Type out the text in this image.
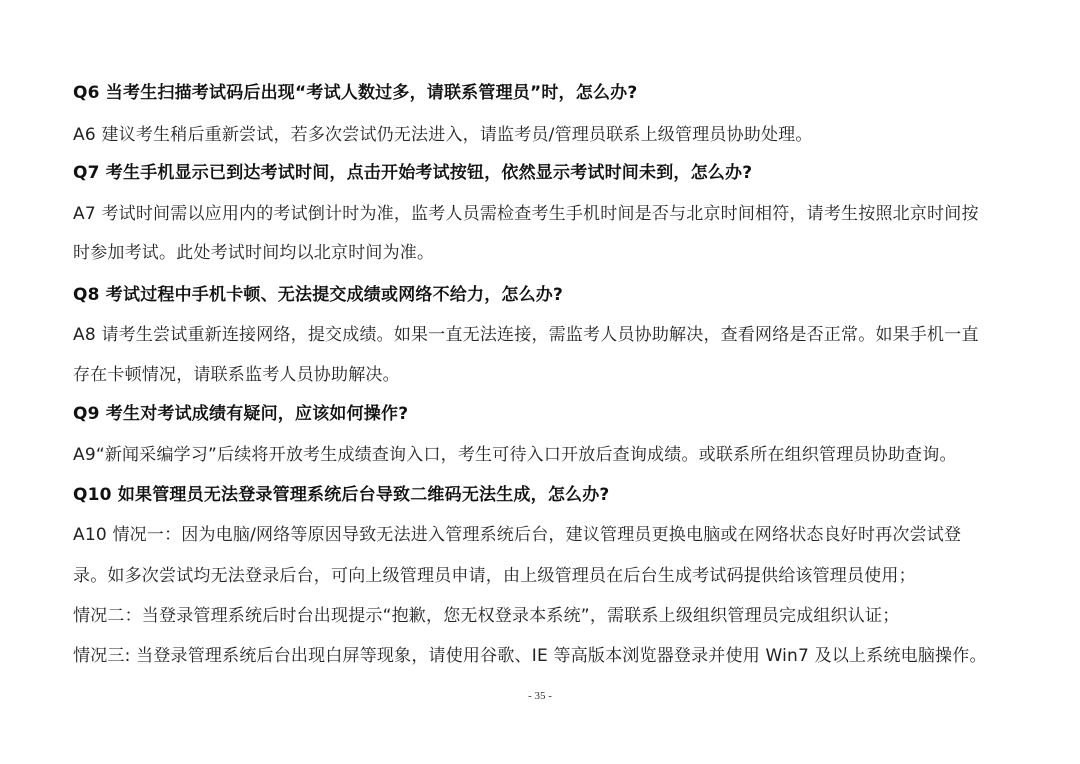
Q6 当考生扫描考试码后出现“考试人数过多，请联系管理员”时，怎么办?
A6 建议考生稍后重新尝试，若多次尝试仍无法进入，请监考员/管理员联系上级管理员协助处理。
Q7 考生手机显示已到达考试时间，点击开始考试按钮，依然显示考试时间未到，怎么办?
A7 考试时间需以应用内的考试倒计时为准，监考人员需检查考生手机时间是否与北京时间相符，请考生按照北京时间按
时参加考试。此处考试时间均以北京时间为准。
Q8 考试过程中手机卡顿、无法提交成绩或网络不给力，怎么办?
A8 请考生尝试重新连接网络，提交成绩。如果一直无法连接，需监考人员协助解决，查看网络是否正常。如果手机一直
存在卡顿情况，请联系监考人员协助解决。
Q9 考生对考试成绩有疑问，应该如何操作?
A9“新闻采编学习”后续将开放考生成绩查询入口，考生可待入口开放后查询成绩。或联系所在组织管理员协助查询。
Q10 如果管理员无法登录管理系统后台导致二维码无法生成，怎么办?
A10 情况一：因为电脑/网络等原因导致无法进入管理系统后台，建议管理员更换电脑或在网络状态良好时再次尝试登
录。如多次尝试均无法登录后台，可向上级管理员申请，由上级管理员在后台生成考试码提供给该管理员使用；
情况二：当登录管理系统后时台出现提示“抱歉，您无权登录本系统”，需联系上级组织管理员完成组织认证；
情况三: 当登录管理系统后台出现白屏等现象，请使用谷歌、IE 等高版本浏览器登录并使用 Win7 及以上系统电脑操作。
- 35 -
